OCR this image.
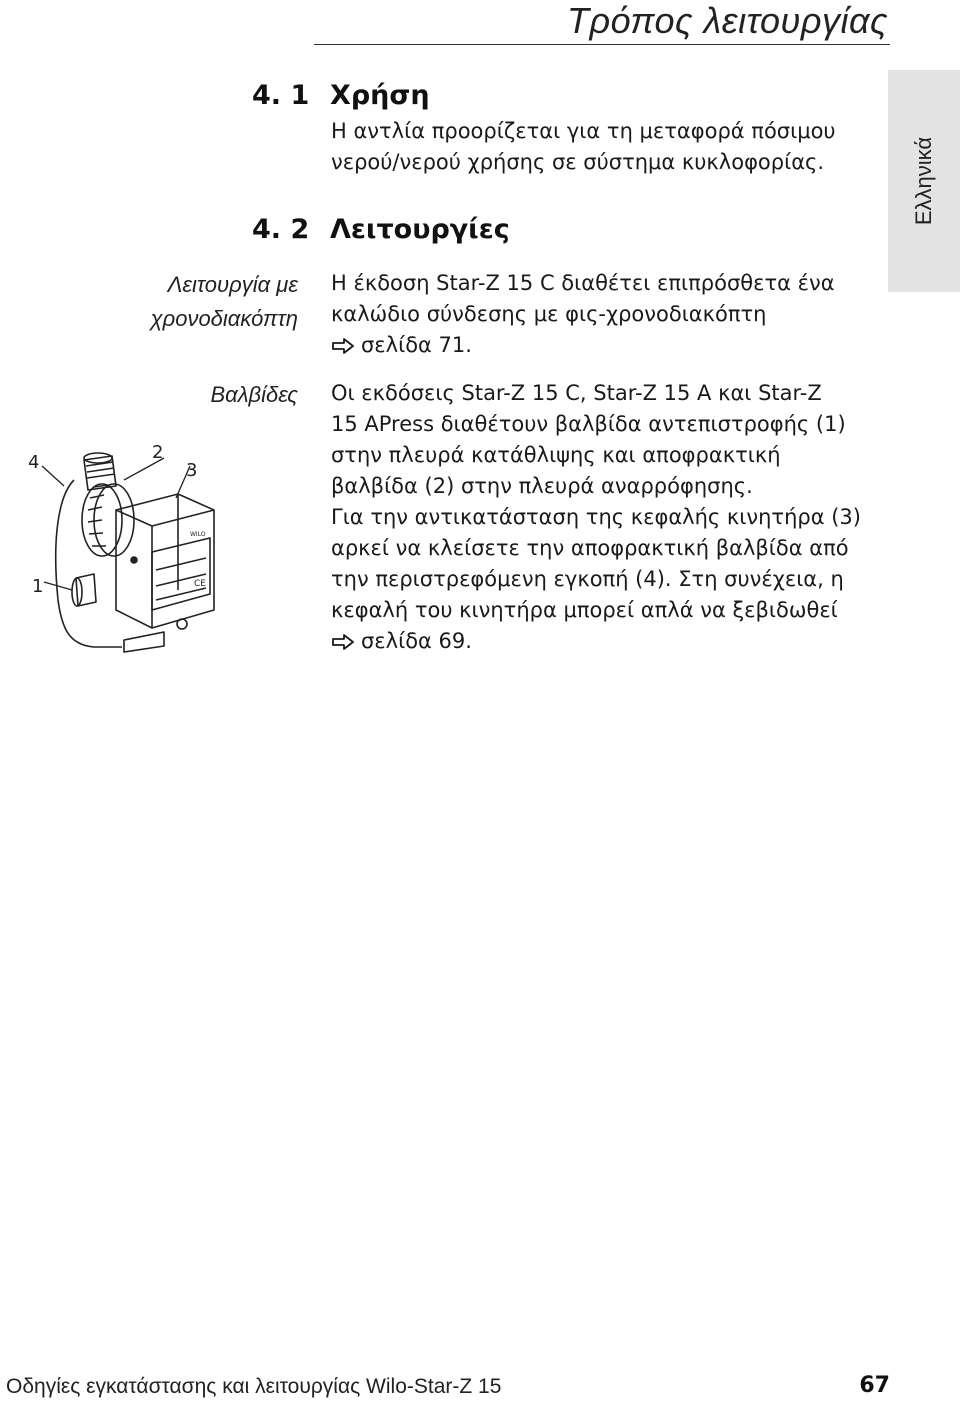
Τρόπος λειτουργίας
Ελληνικά
4. 1 Χρήση

Η αντλία προορίζεται για τη μεταφορά πόσιμου

νερού/νερού χρήσης σε σύστημα κυκλοφορίας.

4. 2 Λειτουργίες
Λειτουργία με
χρονοδιακόπτη

Η έκδοση Star-Z 15 C διαθέτει επιπρόσθετα ένα

καλώδιο σύνδεσης με φις-χρονοδιακόπτη

σελίδα 71.

Βαλβίδες Οι εκδόσεις Star-Z 15 C, Star-Z 15 A και Star-Z

15 APress διαθέτουν βαλβίδα αντεπιστροφής (1)

στην πλευρά κατάθλιψης και αποφρακτική

βαλβίδα (2) στην πλευρά αναρρόφησης.

Για την αντικατάσταση της κεφαλής κινητήρα (3)

αρκεί να κλείσετε την αποφρακτική βαλβίδα από

την περιστρεφόμενη εγκοπή (4). Στη συνέχεια, η

κεφαλή του κινητήρα μπορεί απλά να ξεβιδωθεί

σελίδα 69.

WILO
CE
4	2
3
1
Οδηγίες εγκατάστασης και λειτουργίας Wilo-Star-Z 15	67
